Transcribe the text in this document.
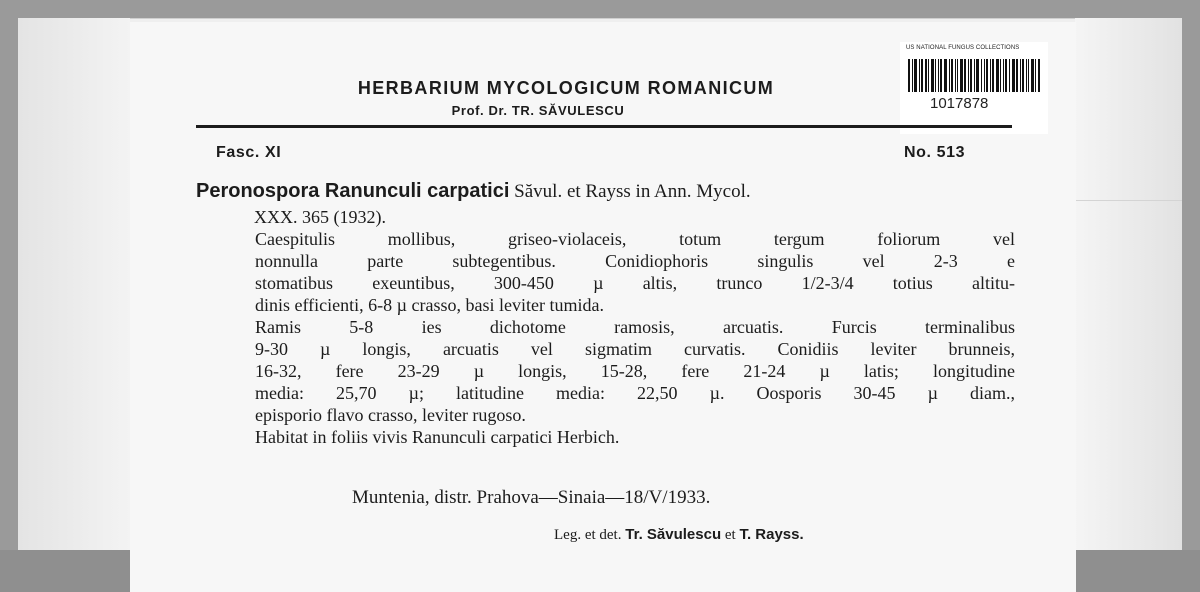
US NATIONAL FUNGUS COLLECTIONS
1017878
HERBARIUM MYCOLOGICUM ROMANICUM
Prof. Dr. TR. SĂVULESCU
Fasc. XI	No. 513
Peronospora Ranunculi carpatici Săvul. et Rayss in Ann. Mycol.
XXX. 365 (1932).
Caespitulis mollibus, griseo-violaceis, totum tergum foliorum vel
nonnulla parte subtegentibus. Conidiophoris singulis vel 2-3 e
stomatibus exeuntibus, 300-450 µ altis, trunco 1/2-3/4 totius altitu-
dinis efficienti, 6-8 µ crasso, basi leviter tumida.
Ramis 5-8 ies dichotome ramosis, arcuatis. Furcis terminalibus
9-30 µ longis, arcuatis vel sigmatim curvatis. Conidiis leviter brunneis,
16-32, fere 23-29 µ longis, 15-28, fere 21-24 µ latis; longitudine
media: 25,70 µ; latitudine media: 22,50 µ. Oosporis 30-45 µ diam.,
episporio flavo crasso, leviter rugoso.
Habitat in foliis vivis Ranunculi carpatici Herbich.
Muntenia, distr. Prahova—Sinaia—18/V/1933.
Leg. et det. Tr. Săvulescu et T. Rayss.
